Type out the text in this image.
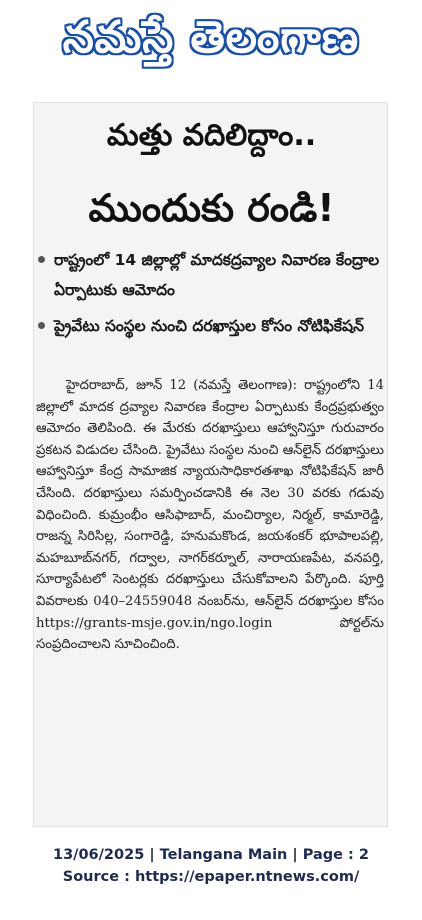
నమస్తే తెలంగాణ
మత్తు వదిలిద్దాం..
ముందుకు రండి!
రాష్ట్రంలో 14 జిల్లాల్లో మాదకద్రవ్యాల నివారణ కేంద్రాల ఏర్పాటుకు ఆమోదం
ప్రైవేటు సంస్థల నుంచి దరఖాస్తుల కోసం నోటిఫికేషన్
హైదరాబాద్, జూన్ 12 (నమస్తే తెలంగాణ): రాష్ట్రంలోని 14 జిల్లాలో మాదక ద్రవ్యాల నివారణ కేంద్రాల ఏర్పాటుకు కేంద్రప్రభుత్వం ఆమోదం తెలిపింది. ఈ మేరకు దరఖాస్తులు ఆహ్వానిస్తూ గురువారం ప్రకటన విడుదల చేసింది. ప్రైవేటు సంస్థల నుంచి ఆన్‌లైన్ దరఖాస్తులు ఆహ్వానిస్తూ కేంద్ర సామాజిక న్యాయసాధికారతశాఖ నోటిఫికేషన్ జారీ చేసింది. దరఖాస్తులు సమర్పించడానికి ఈ నెల 30 వరకు గడువు విధించింది. కుమ్రంభీం ఆసిఫాబాద్, మంచిర్యాల, నిర్మల్, కామారెడ్డి, రాజన్న సిరిసిల్ల, సంగారెడ్డి, హనుమకొండ, జయశంకర్ భూపాలపల్లి, మహబూబ్‌నగర్, గద్వాల, నాగర్‌కర్నూల్, నారాయణపేట, వనపర్తి, సూర్యాపేటలో సెంటర్లకు దరఖాస్తులు చేసుకోవాలని పేర్కొంది. పూర్తి వివరాలకు 040–24559048 నంబర్‌ను, ఆన్‌లైన్ దరఖాస్తుల కోసం https://grants-msje.gov.in/ngo.login పోర్టల్‌ను సంప్రదించాలని సూచించింది.
13/06/2025 | Telangana Main | Page : 2
Source : https://epaper.ntnews.com/
